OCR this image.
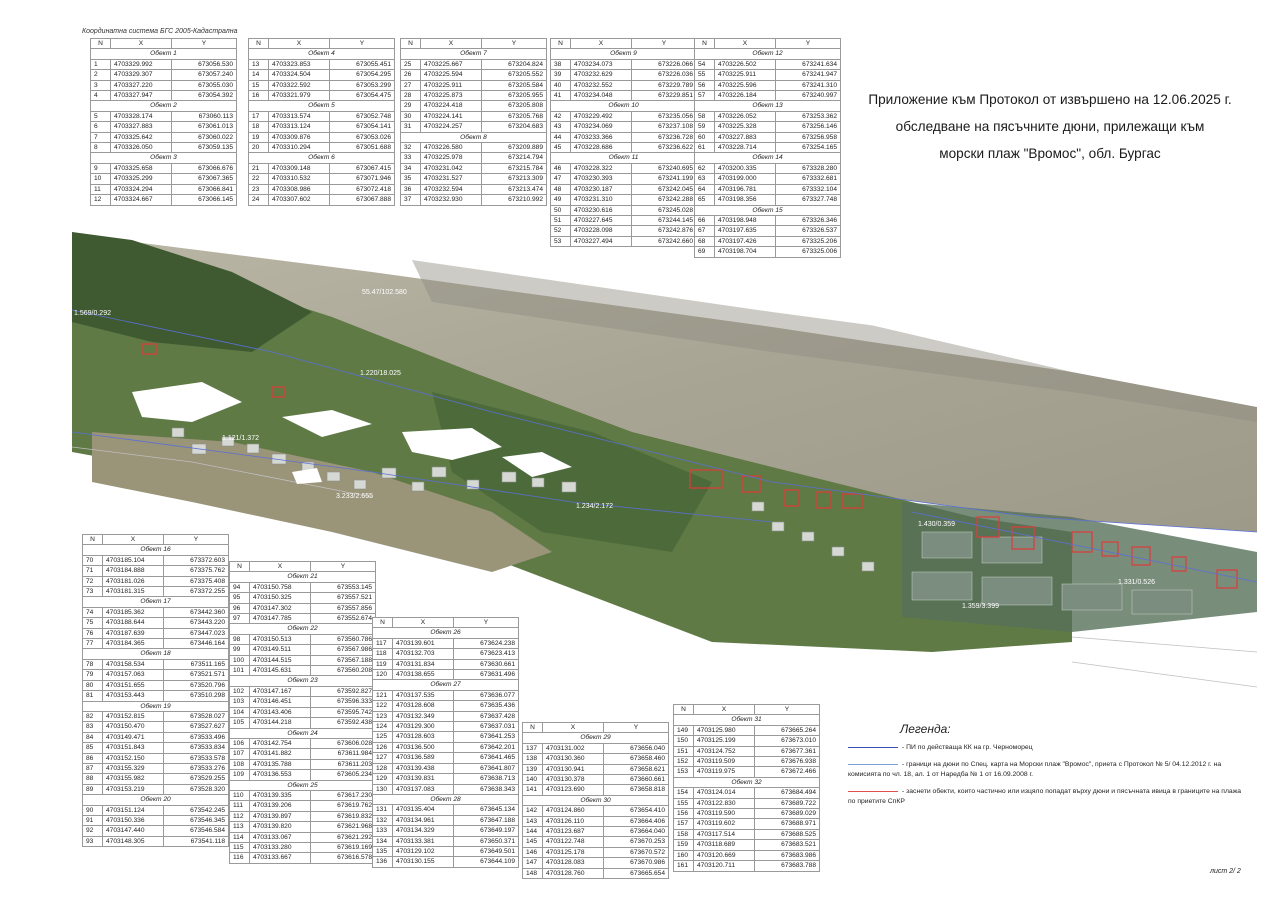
Координатна система БГС 2005-Кадастрална
Приложение към Протокол от извършено на 12.06.2025 г.
обследване на пясъчните дюни, прилежащи към
морски плаж "Вромос", обл. Бургас
1.569/0.292
55.47/102.580
1.220/18.025
1.121/1.372
3.233/2.655
1.234/2.172
1.430/0.359
1.331/0.526
1.359/3.399
1.232/1.001
N	X	Y
Обект 1		
1	4703329.992	673056.530
2	4703329.307	673057.240
3	4703327.220	673055.030
4	4703327.947	673054.392
Обект 2		
5	4703328.174	673060.113
6	4703327.883	673061.013
7	4703325.642	673060.022
8	4703326.050	673059.135
Обект 3		
9	4703325.658	673066.676
10	4703325.299	673067.365
11	4703324.294	673066.841
12	4703324.667	673066.145
N	X	Y
Обект 4		
13	4703323.853	673055.451
14	4703324.504	673054.295
15	4703322.592	673053.299
16	4703321.979	673054.475
Обект 5		
17	4703313.574	673052.748
18	4703313.124	673054.141
19	4703309.876	673053.026
20	4703310.294	673051.688
Обект 6		
21	4703309.148	673067.415
22	4703310.532	673071.946
23	4703308.986	673072.418
24	4703307.602	673067.888
N	X	Y
Обект 7		
25	4703225.667	673204.824
26	4703225.594	673205.552
27	4703225.911	673205.584
28	4703225.873	673205.955
29	4703224.418	673205.808
30	4703224.141	673205.768
31	4703224.257	673204.683
Обект 8		
32	4703226.580	673209.889
33	4703225.978	673214.794
34	4703231.042	673215.784
35	4703231.527	673213.309
36	4703232.594	673213.474
37	4703232.930	673210.992
N	X	Y
Обект 9		
38	4703234.073	673226.066
39	4703232.629	673226.036
40	4703232.552	673229.789
41	4703234.048	673229.851
Обект 10		
42	4703229.492	673235.056
43	4703234.069	673237.108
44	4703233.366	673236.728
45	4703228.686	673236.622
Обект 11		
46	4703228.322	673240.695
47	4703230.393	673241.199
48	4703230.187	673242.045
49	4703231.310	673242.288
50	4703230.616	673245.028
51	4703227.645	673244.145
52	4703228.098	673242.876
53	4703227.494	673242.660
N	X	Y
Обект 12		
54	4703226.502	673241.634
55	4703225.911	673241.947
56	4703225.596	673241.310
57	4703226.184	673240.997
Обект 13		
58	4703226.052	673253.362
59	4703225.328	673256.146
60	4703227.883	673256.958
61	4703228.714	673254.165
Обект 14		
62	4703200.335	673328.280
63	4703199.000	673332.681
64	4703196.781	673332.104
65	4703198.356	673327.748
Обект 15		
66	4703198.948	673326.346
67	4703197.635	673326.537
68	4703197.426	673325.206
69	4703198.704	673325.006
N	X	Y
Обект 16		
70	4703185.104	673372.603
71	4703184.888	673375.762
72	4703181.026	673375.408
73	4703181.315	673372.255
Обект 17		
74	4703185.362	673442.360
75	4703188.644	673443.220
76	4703187.639	673447.023
77	4703184.365	673446.164
Обект 18		
78	4703158.534	673511.165
79	4703157.063	673521.571
80	4703151.655	673520.796
81	4703153.443	673510.298
Обект 19		
82	4703152.815	673528.027
83	4703150.470	673527.627
84	4703149.471	673533.496
85	4703151.843	673533.834
86	4703152.150	673533.578
87	4703155.329	673533.276
88	4703155.982	673529.255
89	4703153.219	673528.320
Обект 20		
90	4703151.124	673542.245
91	4703150.336	673546.345
92	4703147.440	673546.584
93	4703148.305	673541.118
N	X	Y
Обект 21		
94	4703150.758	673553.145
95	4703150.325	673557.521
96	4703147.302	673557.856
97	4703147.785	673552.674
Обект 22		
98	4703150.513	673560.786
99	4703149.511	673567.986
100	4703144.515	673567.188
101	4703145.631	673560.208
Обект 23		
102	4703147.167	673592.827
103	4703146.451	673596.333
104	4703143.406	673595.742
105	4703144.218	673592.438
Обект 24		
106	4703142.754	673606.028
107	4703141.882	673611.984
108	4703135.788	673611.203
109	4703136.553	673605.234
Обект 25		
110	4703139.335	673617.230
111	4703139.206	673619.762
112	4703139.897	673619.832
113	4703139.820	673621.968
114	4703133.067	673621.292
115	4703133.280	673619.169
116	4703133.667	673616.578
N	X	Y
Обект 26		
117	4703139.601	673624.238
118	4703132.703	673623.413
119	4703131.834	673630.661
120	4703138.655	673631.496
Обект 27		
121	4703137.535	673636.077
122	4703128.608	673635.436
123	4703132.349	673637.428
124	4703129.300	673637.031
125	4703128.603	673641.253
126	4703136.500	673642.201
127	4703136.589	673641.465
128	4703139.438	673641.807
129	4703139.831	673638.713
130	4703137.083	673638.343
Обект 28		
131	4703135.404	673645.134
132	4703134.961	673647.188
133	4703134.329	673649.197
134	4703133.381	673650.371
135	4703129.102	673649.501
136	4703130.155	673644.109
N	X	Y
Обект 29		
137	4703131.002	673656.040
138	4703130.360	673658.460
139	4703130.941	673658.621
140	4703130.378	673660.661
141	4703123.690	673658.818
Обект 30		
142	4703124.860	673654.410
143	4703126.110	673664.406
144	4703123.687	673664.040
145	4703122.748	673670.253
146	4703125.178	673670.572
147	4703128.083	673670.986
148	4703128.760	673665.654
N	X	Y
Обект 31		
149	4703125.980	673665.264
150	4703125.199	673673.010
151	4703124.752	673677.361
152	4703119.509	673676.938
153	4703119.975	673672.466
Обект 32		
154	4703124.014	673684.494
155	4703122.830	673689.722
156	4703119.590	673689.029
157	4703119.602	673688.971
158	4703117.514	673688.525
159	4703118.689	673683.521
160	4703120.669	673683.986
161	4703120.711	673683.788
Легенда:
- ПИ по действаща КК на гр. Черноморец
- граници на дюни по Спец. карта на Морски плаж "Вромос", приета с Протокол № 5/ 04.12.2012 г. на комисията по чл. 18, ал. 1 от Наредба № 1 от 16.09.2008 г.
- заснети обекти, които частично или изцяло попадат върху дюни и пясъчната ивица в границите на плажа по приетите СпКР
лист 2/ 2
